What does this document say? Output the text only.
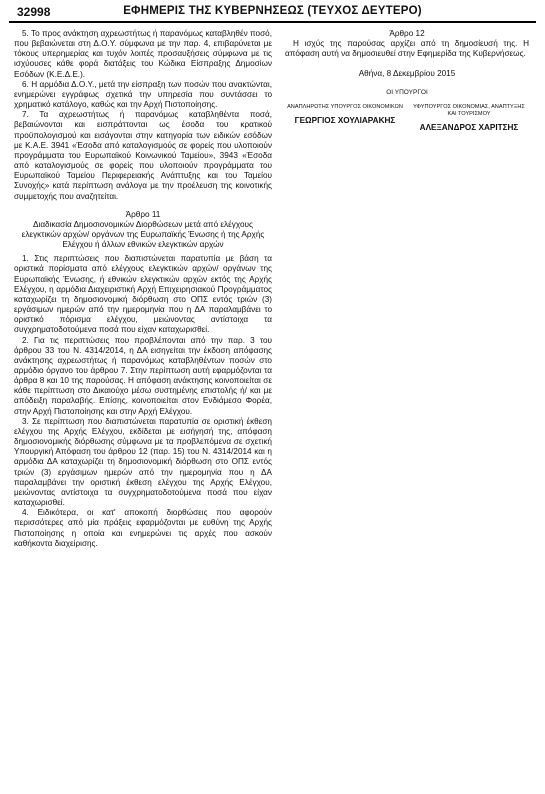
32998	ΕΦΗΜΕΡΙΣ ΤΗΣ ΚΥΒΕΡΝΗΣΕΩΣ (ΤΕΥΧΟΣ ΔΕΥΤΕΡΟ)

5. Το προς ανάκτηση αχρεωστήτως ή παρανόμως καταβληθέν ποσό, που βεβαιώνεται στη Δ.Ο.Υ. σύμφωνα με την παρ. 4, επιβαρύνεται με τόκους υπερημερίας και τυχόν λοιπές προσαυξήσεις σύμφωνα με τις ισχύουσες κάθε φορά διατάξεις του Κώδικα Είσπραξης Δημοσίων Εσόδων (Κ.Ε.Δ.Ε.).

6. Η αρμόδια Δ.Ο.Υ., μετά την είσπραξη των ποσών που ανακτώνται, ενημερώνει εγγράφως σχετικά την υπηρεσία που συντάσσει το χρηματικό κατάλογο, καθώς και την Αρχή Πιστοποίησης.

7. Τα αχρεωστήτως ή παρανόμως καταβληθέντα ποσά, βεβαιώνονται και εισπράττονται ως έσοδα του κρατικού προϋπολογισμού και εισάγονται στην κατηγορία των ειδικών εσόδων με Κ.Α.Ε. 3941 «Έσοδα από καταλογισμούς σε φορείς που υλοποιούν προγράμματα του Ευρωπαϊκού Κοινωνικού Ταμείου», 3943 «Έσοδα από καταλογισμούς σε φορείς που υλοποιούν προγράμματα του Ευρωπαϊκού Ταμείου Περιφερειακής Ανάπτυξης και του Ταμείου Συνοχής» κατά περίπτωση ανάλογα με την προέλευση της κοινοτικής συμμετοχής που αναζητείται.

Άρθρο 11
Διαδικασία Δημοσιονομικών Διορθώσεων μετά από ελέγχους ελεγκτικών αρχών/ οργάνων της Ευρωπαϊκής Ένωσης ή της Αρχής Ελέγχου ή άλλων εθνικών ελεγκτικών αρχών

1. Στις περιπτώσεις που διαπιστώνεται παρατυπία με βάση τα οριστικά πορίσματα από ελέγχους ελεγκτικών αρχών/ οργάνων της Ευρωπαϊκής Ένωσης, ή εθνικών ελεγκτικών αρχών εκτός της Αρχής Ελέγχου, η αρμόδια Διαχειριστική Αρχή Επιχειρησιακού Προγράμματος καταχωρίζει τη δημοσιονομική διόρθωση στο ΟΠΣ εντός τριών (3) εργάσιμων ημερών από την ημερομηνία που η ΔΑ παραλαμβάνει το οριστικό πόρισμα ελέγχου, μειώνοντας αντίστοιχα τα συγχρηματοδοτούμενα ποσά που είχαν καταχωρισθεί.

2. Για τις περιπτώσεις που προβλέπονται από την παρ. 3 του άρθρου 33 του Ν. 4314/2014, η ΔΑ εισηγείται την έκδοση απόφασης ανάκτησης αχρεωστήτως ή παρανόμως καταβληθέντων ποσών στο αρμόδιο όργανο του άρθρου 7. Στην περίπτωση αυτή εφαρμόζονται τα άρθρα 8 και 10 της παρούσας. Η απόφαση ανάκτησης κοινοποιείται σε κάθε περίπτωση στο Δικαιούχο μέσω συστημένης επιστολής ή/ και με απόδειξη παραλαβής. Επίσης, κοινοποιείται στον Ενδιάμεσο Φορέα, στην Αρχή Πιστοποίησης και στην Αρχή Ελέγχου.

3. Σε περίπτωση που διαπιστώνεται παρατυπία σε οριστική έκθεση ελέγχου της Αρχής Ελέγχου, εκδίδεται με εισήγησή της, απόφαση δημοσιονομικής διόρθωσης σύμφωνα με τα προβλεπόμενα σε σχετική Υπουργική Απόφαση του άρθρου 12 (παρ. 15) του Ν. 4314/2014 και η αρμόδια ΔΑ καταχωρίζει τη δημοσιονομική διόρθωση στο ΟΠΣ εντός τριών (3) εργάσιμων ημερών από την ημερομηνία που η ΔΑ παραλαμβάνει την οριστική έκθεση ελέγχου της Αρχής Ελέγχου, μειώνοντας αντίστοιχα τα συγχρηματοδοτούμενα ποσά που είχαν καταχωρισθεί.

4. Ειδικότερα, οι κατ' αποκοπή διορθώσεις που αφορούν περισσότερες από μία πράξεις εφαρμόζονται με ευθύνη της Αρχής Πιστοποίησης η οποία και ενημερώνει τις αρχές που ασκούν καθήκοντα διαχείρισης.

Άρθρο 12

Η ισχύς της παρούσας αρχίζει από τη δημοσίευσή της. Η απόφαση αυτή να δημοσιευθεί στην Εφημερίδα της Κυβερνήσεως.

Αθήνα, 8 Δεκεμβρίου 2015
ΟΙ ΥΠΟΥΡΓΟΙ
ΑΝΑΠΛΗΡΩΤΗΣ ΥΠΟΥΡΓΟΣ ΟΙΚΟΝΟΜΙΚΩΝ
ΓΕΩΡΓΙΟΣ ΧΟΥΛΙΑΡΑΚΗΣ
ΥΦΥΠΟΥΡΓΟΣ ΟΙΚΟΝΟΜΙΑΣ, ΑΝΑΠΤΥΞΗΣ ΚΑΙ ΤΟΥΡΙΣΜΟΥ
ΑΛΕΞΑΝΔΡΟΣ ΧΑΡΙΤΣΗΣ
